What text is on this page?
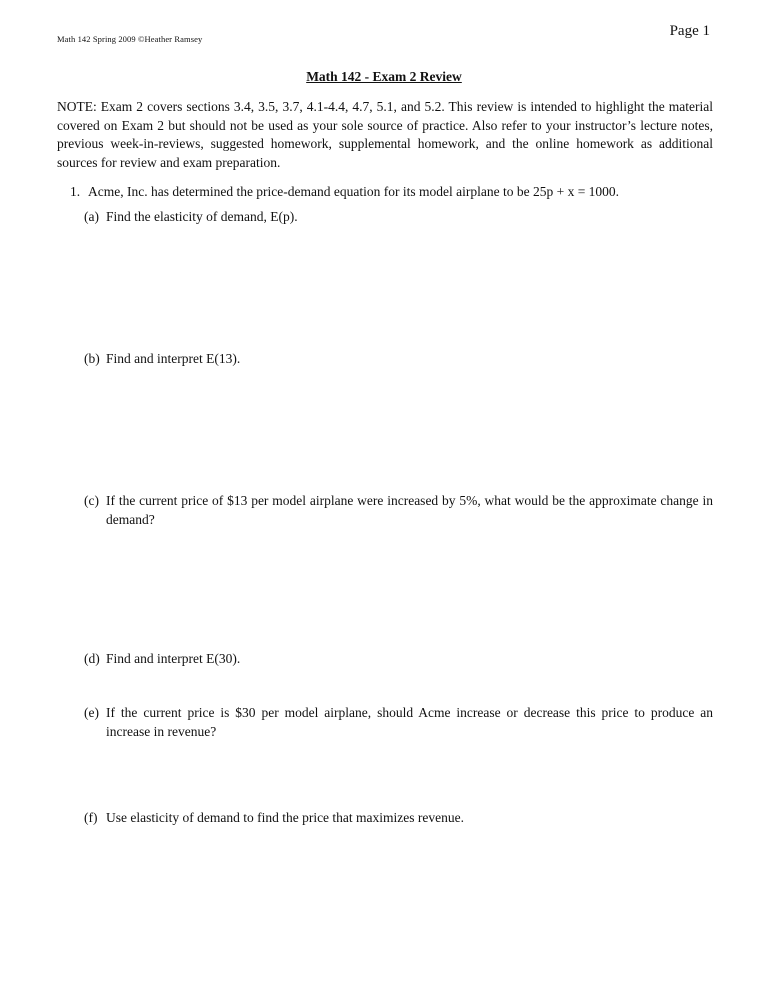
Math 142 Spring 2009 ©Heather Ramsey	Page 1
Math 142 - Exam 2 Review
NOTE: Exam 2 covers sections 3.4, 3.5, 3.7, 4.1-4.4, 4.7, 5.1, and 5.2. This review is intended to highlight the material covered on Exam 2 but should not be used as your sole source of practice. Also refer to your instructor’s lecture notes, previous week-in-reviews, suggested homework, supplemental homework, and the online homework as additional sources for review and exam preparation.
1. Acme, Inc. has determined the price-demand equation for its model airplane to be 25p + x = 1000.
(a) Find the elasticity of demand, E(p).
(b) Find and interpret E(13).
(c) If the current price of $13 per model airplane were increased by 5%, what would be the approximate change in demand?
(d) Find and interpret E(30).
(e) If the current price is $30 per model airplane, should Acme increase or decrease this price to produce an increase in revenue?
(f) Use elasticity of demand to find the price that maximizes revenue.
